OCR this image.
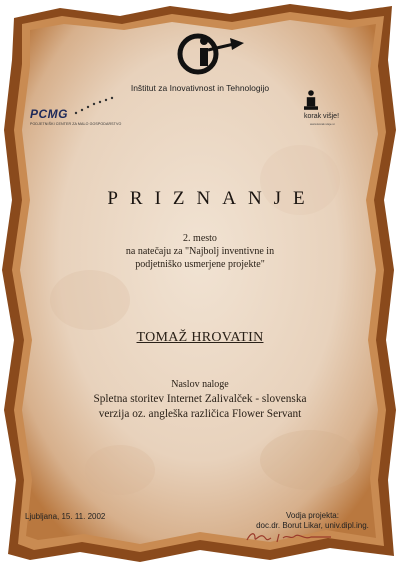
Inštitut za Inovativnost in Tehnologijo
PCMG
PODJETNIŠKI CENTER ZA MALO GOSPODARSTVO
korak višje!
www.korak-visje.si
PRIZNANJE
2. mesto
na natečaju za "Najbolj inventivne in
podjetniško usmerjene projekte"
TOMAŽ HROVATIN
Naslov naloge
Spletna storitev Internet Zalivalček - slovenska
verzija oz. angleška različica Flower Servant
Ljubljana, 15. 11. 2002	Vodja projekta:
doc.dr. Borut Likar, univ.dipl.ing.
